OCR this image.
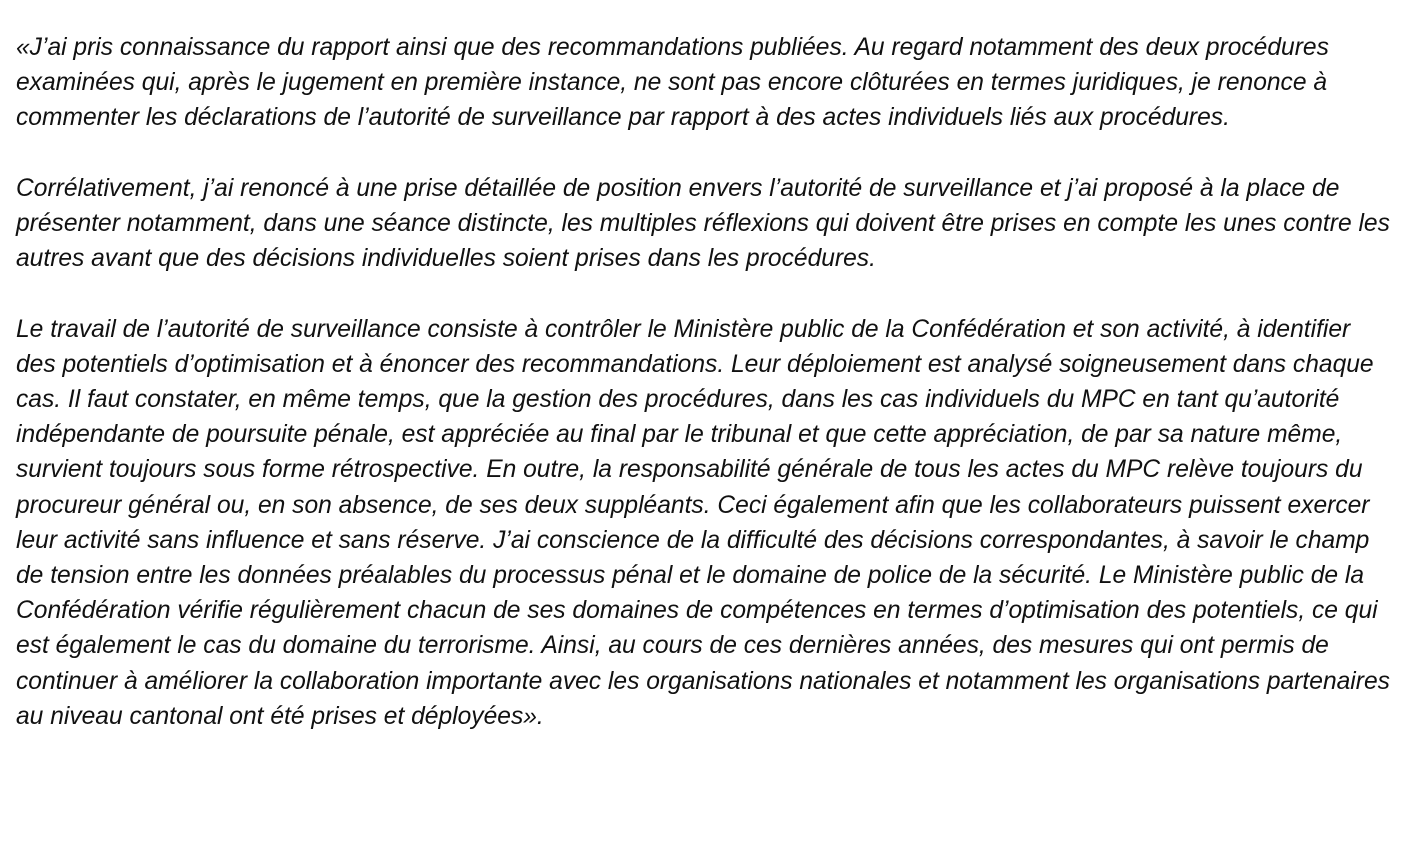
«J’ai pris connaissance du rapport ainsi que des recommandations publiées. Au regard notamment des deux procédures examinées qui, après le jugement en première instance, ne sont pas encore clôturées en termes juridiques, je renonce à commenter les déclarations de l’autorité de surveillance par rapport à des actes individuels liés aux procédures.

Corrélativement, j’ai renoncé à une prise détaillée de position envers l’autorité de surveillance et j’ai proposé à la place de présenter notamment, dans une séance distincte, les multiples réflexions qui doivent être prises en compte les unes contre les autres avant que des décisions individuelles soient prises dans les procédures.

Le travail de l’autorité de surveillance consiste à contrôler le Ministère public de la Confédération et son activité, à identifier des potentiels d’optimisation et à énoncer des recommandations. Leur déploiement est analysé soigneusement dans chaque cas. Il faut constater, en même temps, que la gestion des procédures, dans les cas individuels du MPC en tant qu’autorité indépendante de poursuite pénale, est appréciée au final par le tribunal et que cette appréciation, de par sa nature même, survient toujours sous forme rétrospective. En outre, la responsabilité générale de tous les actes du MPC relève toujours du procureur général ou, en son absence, de ses deux suppléants. Ceci également afin que les collaborateurs puissent exercer leur activité sans influence et sans réserve. J’ai conscience de la difficulté des décisions correspondantes, à savoir le champ de tension entre les données préalables du processus pénal et le domaine de police de la sécurité. Le Ministère public de la Confédération vérifie régulièrement chacun de ses domaines de compétences en termes d’optimisation des potentiels, ce qui est également le cas du domaine du terrorisme. Ainsi, au cours de ces dernières années, des mesures qui ont permis de continuer à améliorer la collaboration importante avec les organisations nationales et notamment les organisations partenaires au niveau cantonal ont été prises et déployées».
